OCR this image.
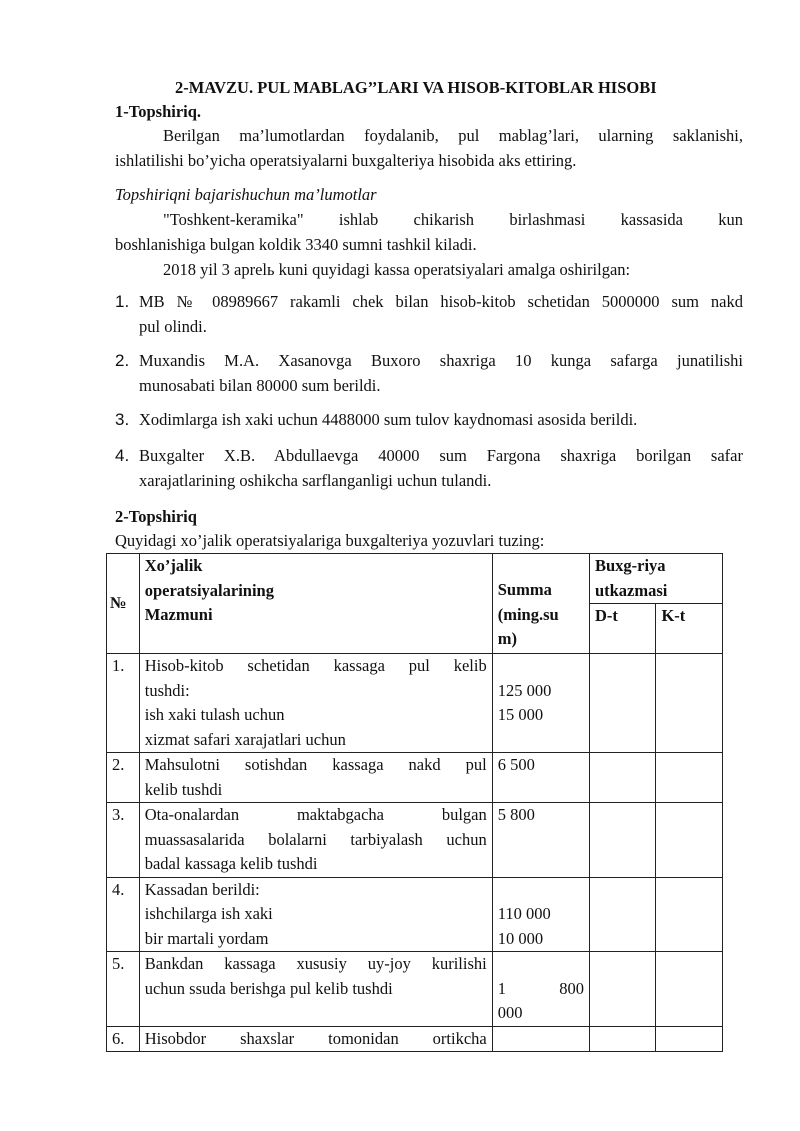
2-MAVZU. PUL MABLAG’’LARI VA HISOB-KITOBLAR HISOBI
1-Topshiriq.
Berilgan ma’lumotlardan foydalanib, pul mablag’lari, ularning saklanishi,
ishlatilishi bo’yicha operatsiyalarni buxgalteriya hisobida aks ettiring.
Topshiriqni bajarishuchun ma’lumotlar
"Toshkent-keramika" ishlab chikarish birlashmasi kassasida kun
boshlanishiga bulgan koldik 3340 sumni tashkil kiladi.
2018 yil 3 aprelь kuni quyidagi kassa operatsiyalari amalga oshirilgan:
1. MB № 08989667 rakamli chek bilan hisob-kitob schetidan 5000000 sum nakd
pul olindi.
2. Muxandis M.A. Xasanovga Buxoro shaxriga 10 kunga safarga junatilishi
munosabati bilan 80000 sum berildi.
3. Xodimlarga ish xaki uchun 4488000 sum tulov kaydnomasi asosida berildi.
4. Buxgalter X.B. Abdullaevga 40000 sum Fargona shaxriga borilgan safar
xarajatlarining oshikcha sarflanganligi uchun tulandi.
2-Topshiriq
Quyidagi xo’jalik operatsiyalariga buxgalteriya yozuvlari tuzing:
№	Xo’jalik
operatsiyalarining
Mazmuni	Summa
(ming.su
m)	Buxg-riya
utkazmasi	

			D-t	K-t
1.	Hisob-kitob schetidan kassaga pul kelib
tushdi:
ish xaki tulash uchun
xizmat safari xarajatlari uchun	125 000
15 000		

2.	Mahsulotni sotishdan kassaga nakd pul
kelib tushdi	6 500		

3.	Ota-onalardan maktabgacha bulgan
muassasalarida bolalarni tarbiyalash uchun
badal kassaga kelib tushdi	5 800		

4.	Kassadan berildi:
ishchilarga ish xaki
bir martali yordam	110 000
10 000		

5.	Bankdan kassaga xususiy uy-joy kurilishi
uchun ssuda berishga pul kelib tushdi	1 800
000		

6.	Hisobdor shaxslar tomonidan ortikcha			
